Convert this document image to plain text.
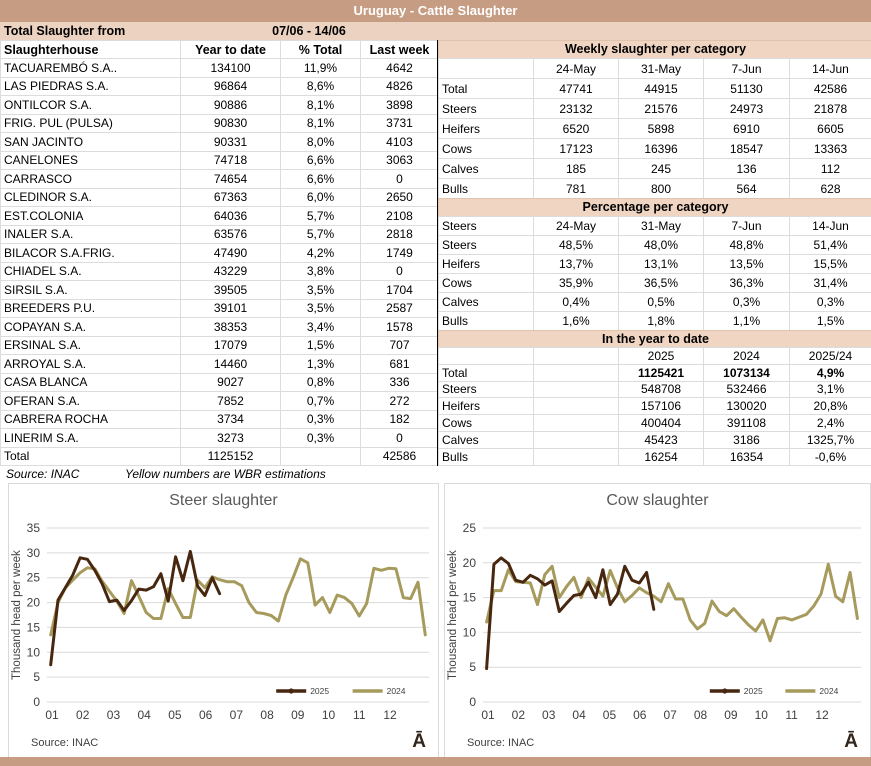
Uruguay - Cattle Slaughter
Total Slaughter from	07/06 - 14/06
Slaughterhouse	Year to date	% Total	Last week
TACUAREMBÓ S.A..	134100	11,9%	4642
LAS PIEDRAS S.A.	96864	8,6%	4826
ONTILCOR S.A.	90886	8,1%	3898
FRIG. PUL (PULSA)	90830	8,1%	3731
SAN JACINTO	90331	8,0%	4103
CANELONES	74718	6,6%	3063
CARRASCO	74654	6,6%	0
CLEDINOR S.A.	67363	6,0%	2650
EST.COLONIA	64036	5,7%	2108
INALER S.A.	63576	5,7%	2818
BILACOR S.A.FRIG.	47490	4,2%	1749
CHIADEL S.A.	43229	3,8%	0
SIRSIL S.A.	39505	3,5%	1704
BREEDERS P.U.	39101	3,5%	2587
COPAYAN S.A.	38353	3,4%	1578
ERSINAL S.A.	17079	1,5%	707
ARROYAL S.A.	14460	1,3%	681
CASA BLANCA	9027	0,8%	336
OFERAN S.A.	7852	0,7%	272
CABRERA ROCHA	3734	0,3%	182
LINERIM S.A.	3273	0,3%	0
Total	1125152		42586
Weekly slaughter per category
	24-May	31-May	7-Jun	14-Jun
Total	47741	44915	51130	42586
Steers	23132	21576	24973	21878
Heifers	6520	5898	6910	6605
Cows	17123	16396	18547	13363
Calves	185	245	136	112
Bulls	781	800	564	628
Percentage per category
Steers	24-May	31-May	7-Jun	14-Jun
Steers	48,5%	48,0%	48,8%	51,4%
Heifers	13,7%	13,1%	13,5%	15,5%
Cows	35,9%	36,5%	36,3%	31,4%
Calves	0,4%	0,5%	0,3%	0,3%
Bulls	1,6%	1,8%	1,1%	1,5%
In the year to date
		2025	2024	2025/24
Total		1125421	1073134	4,9%
Steers		548708	532466	3,1%
Heifers		157106	130020	20,8%
Cows		400404	391108	2,4%
Calves		45423	3186	1325,7%
Bulls		16254	16354	-0,6%
Source: INAC	Yellow numbers are WBR estimations
0
5
10
15
20
25
30
35
01 02 03 04 05 06 07 08 09 10 11 12
2025	2024
Steer slaughter
Thousand head per week
Source: INAC	Ā
0
5
10
15
20
25
01 02 03 04 05 06 07 08 09 10 11 12
2025	2024
Cow slaughter
Thousand head per week
Source: INAC	Ā
